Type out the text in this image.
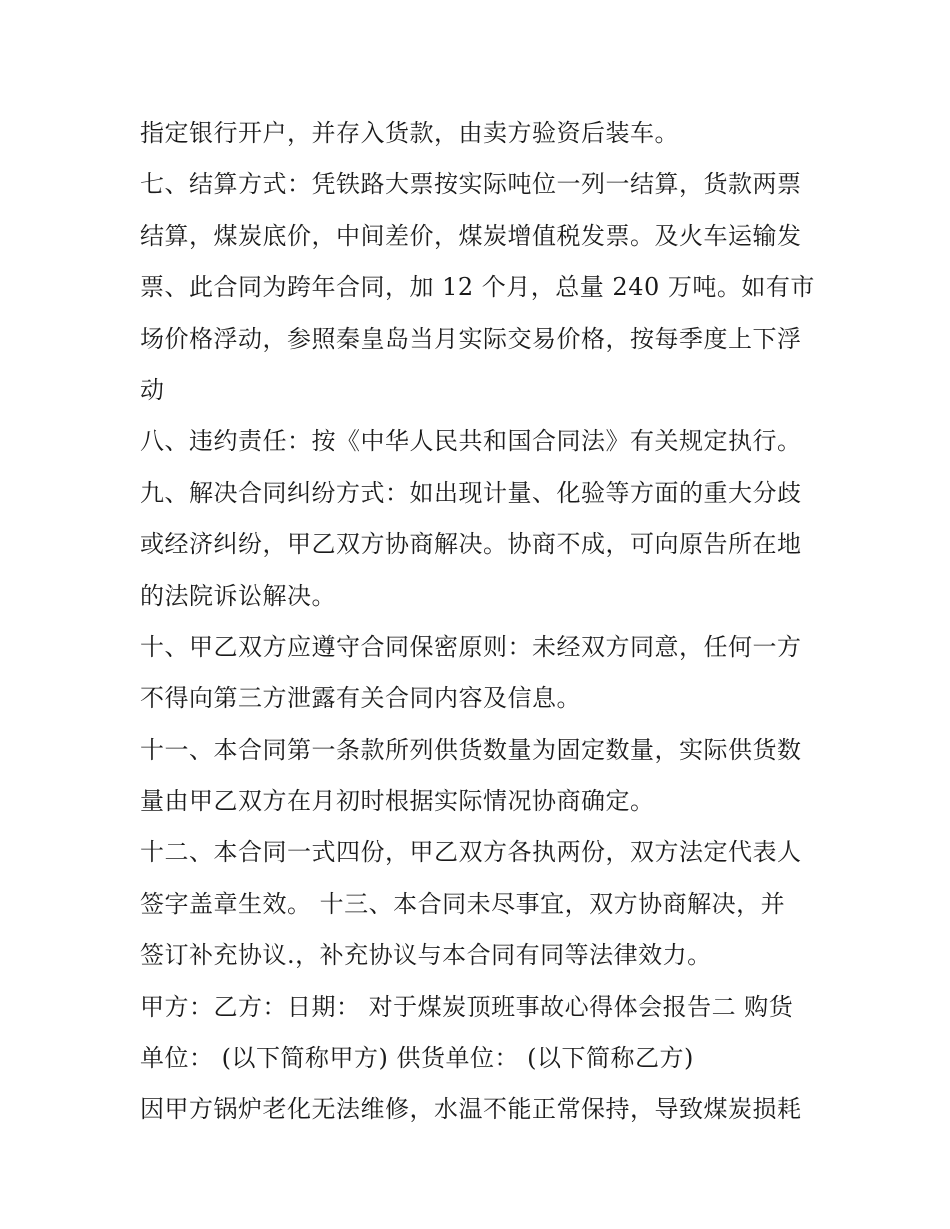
指定银行开户，并存入货款，由卖方验资后装车。
七、结算方式：凭铁路大票按实际吨位一列一结算，货款两票
结算，煤炭底价，中间差价，煤炭增值税发票。及火车运输发
票、此合同为跨年合同，加 12 个月，总量 240 万吨。如有市
场价格浮动，参照秦皇岛当月实际交易价格，按每季度上下浮
动
八、违约责任：按《中华人民共和国合同法》有关规定执行。
九、解决合同纠纷方式：如出现计量、化验等方面的重大分歧
或经济纠纷，甲乙双方协商解决。协商不成，可向原告所在地
的法院诉讼解决。
十、甲乙双方应遵守合同保密原则：未经双方同意，任何一方
不得向第三方泄露有关合同内容及信息。
十一、本合同第一条款所列供货数量为固定数量，实际供货数
量由甲乙双方在月初时根据实际情况协商确定。
十二、本合同一式四份，甲乙双方各执两份，双方法定代表人
签字盖章生效。 十三、本合同未尽事宜，双方协商解决，并
签订补充协议.，补充协议与本合同有同等法律效力。
甲方：乙方：日期： 对于煤炭顶班事故心得体会报告二 购货
单位： (以下简称甲方) 供货单位： (以下简称乙方)
因甲方锅炉老化无法维修，水温不能正常保持，导致煤炭损耗
